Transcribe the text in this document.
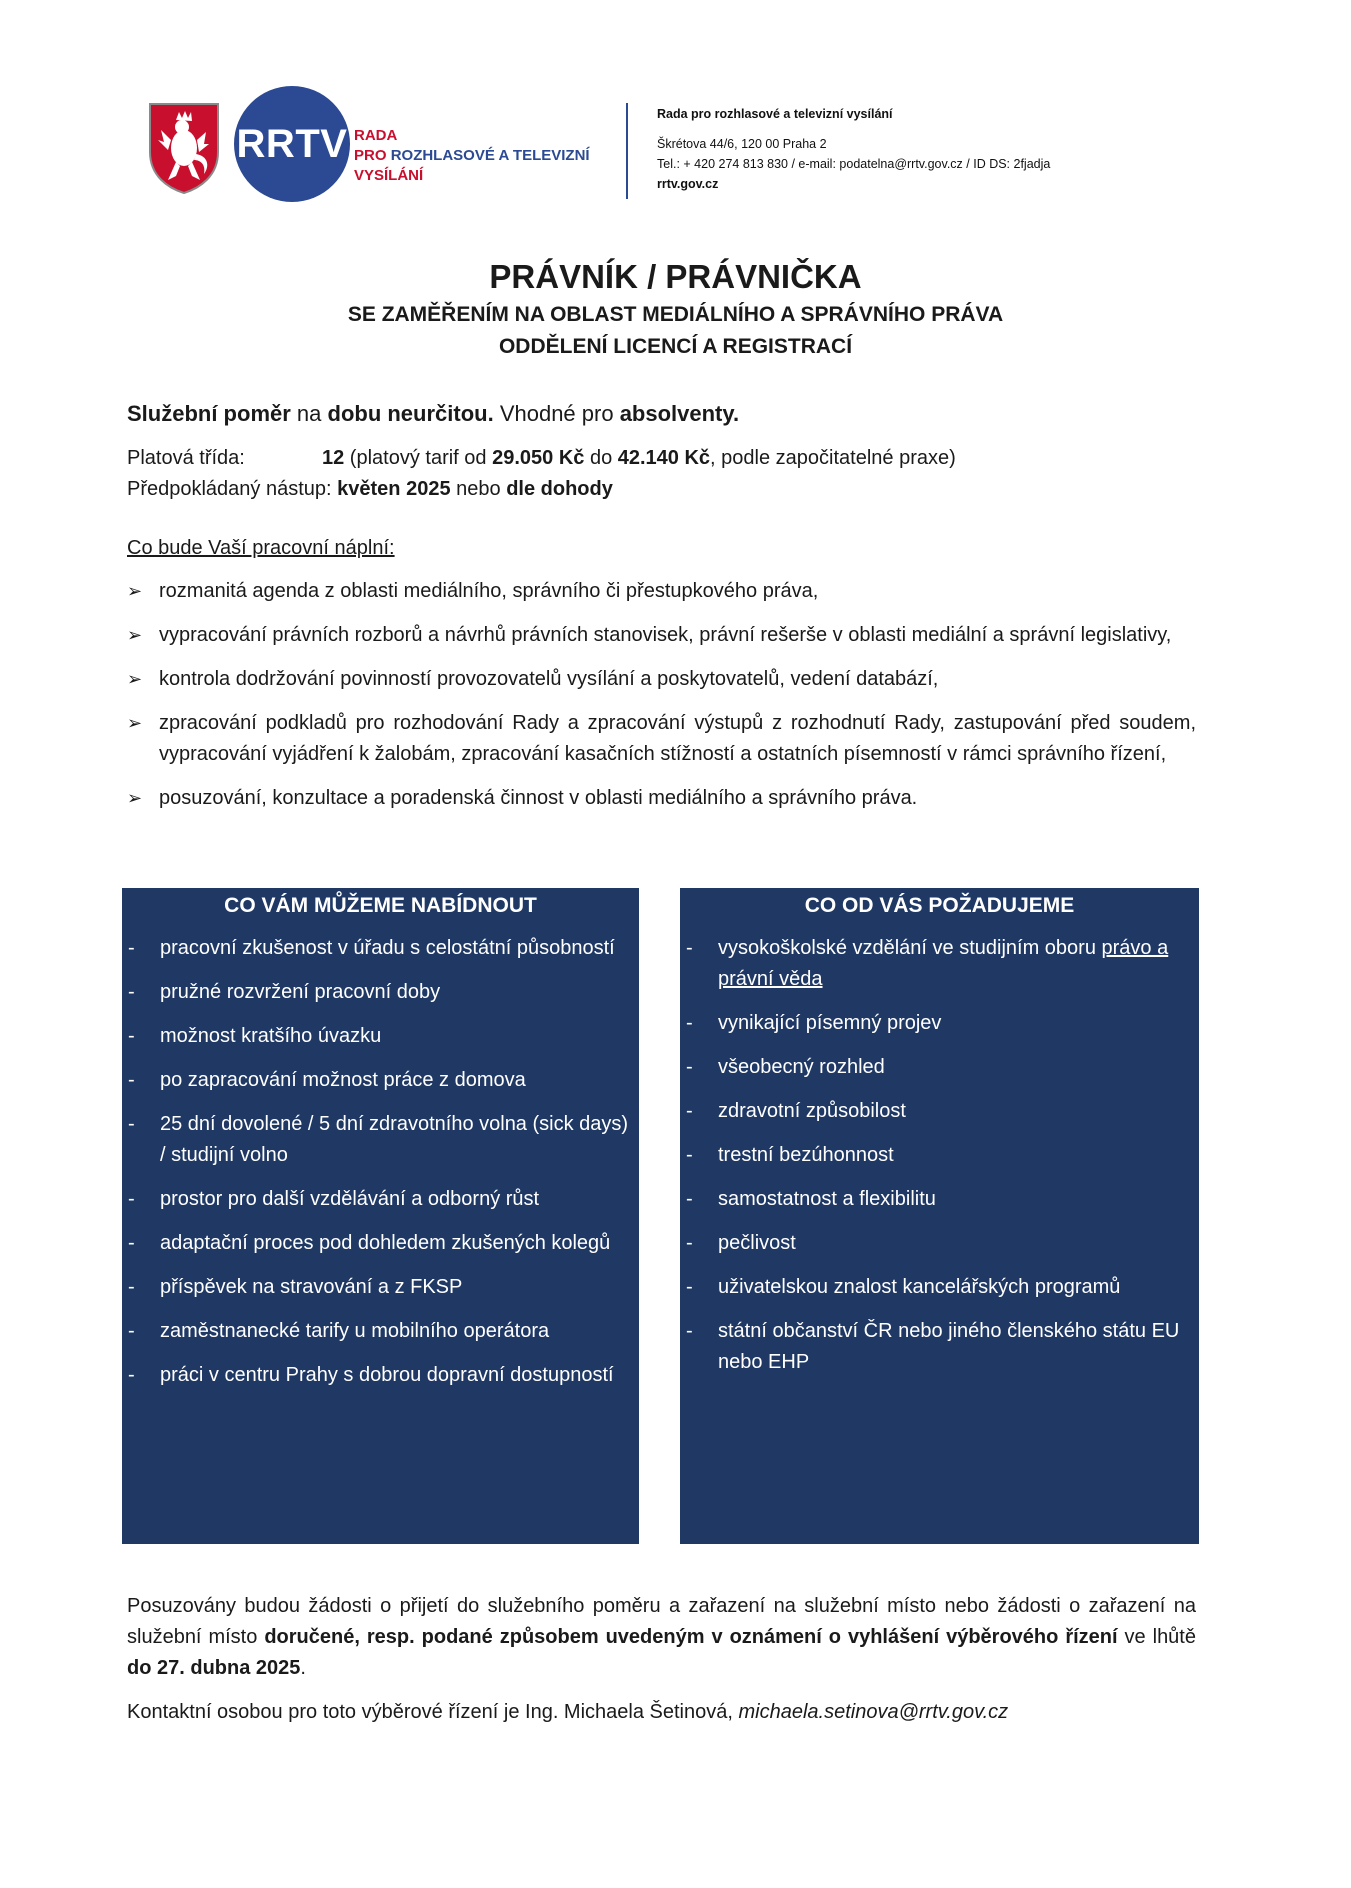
RRTV RADA
PRO ROZHLASOVÉ A TELEVIZNÍ
VYSÍLÁNÍ
Rada pro rozhlasové a televizní vysílání
Škrétova 44/6, 120 00 Praha 2
Tel.: + 420 274 813 830 / e-mail: podatelna@rrtv.gov.cz / ID DS: 2fjadja
rrtv.gov.cz
PRÁVNÍK / PRÁVNIČKA
SE ZAMĚŘENÍM NA OBLAST MEDIÁLNÍHO A SPRÁVNÍHO PRÁVA
ODDĚLENÍ LICENCÍ A REGISTRACÍ
Služební poměr na dobu neurčitou. Vhodné pro absolventy.
Platová třída:	12 (platový tarif od 29.050 Kč do 42.140 Kč, podle započitatelné praxe)
Předpokládaný nástup: květen 2025 nebo dle dohody
Co bude Vaší pracovní náplní:
➢ rozmanitá agenda z oblasti mediálního, správního či přestupkového práva,
➢ vypracování právních rozborů a návrhů právních stanovisek, právní rešerše v oblasti mediální a správní legislativy,
➢ kontrola dodržování povinností provozovatelů vysílání a poskytovatelů, vedení databází,
➢ zpracování podkladů pro rozhodování Rady a zpracování výstupů z rozhodnutí Rady, zastupování před soudem, vypracování vyjádření k žalobám, zpracování kasačních stížností a ostatních písemností v rámci správního řízení,
➢ posuzování, konzultace a poradenská činnost v oblasti mediálního a správního práva.
CO VÁM MŮŽEME NABÍDNOUT
- pracovní zkušenost v úřadu s celostátní působností
- pružné rozvržení pracovní doby
- možnost kratšího úvazku
- po zapracování možnost práce z domova
- 25 dní dovolené / 5 dní zdravotního volna (sick days) / studijní volno
- prostor pro další vzdělávání a odborný růst
- adaptační proces pod dohledem zkušených kolegů
- příspěvek na stravování a z FKSP
- zaměstnanecké tarify u mobilního operátora
- práci v centru Prahy s dobrou dopravní dostupností
CO OD VÁS POŽADUJEME
- vysokoškolské vzdělání ve studijním oboru právo a právní věda
- vynikající písemný projev
- všeobecný rozhled
- zdravotní způsobilost
- trestní bezúhonnost
- samostatnost a flexibilitu
- pečlivost
- uživatelskou znalost kancelářských programů
- státní občanství ČR nebo jiného členského státu EU nebo EHP
Posuzovány budou žádosti o přijetí do služebního poměru a zařazení na služební místo nebo žádosti o zařazení na služební místo doručené, resp. podané způsobem uvedeným v oznámení o vyhlášení výběrového řízení ve lhůtě do 27. dubna 2025.
Kontaktní osobou pro toto výběrové řízení je Ing. Michaela Šetinová, michaela.setinova@rrtv.gov.cz
